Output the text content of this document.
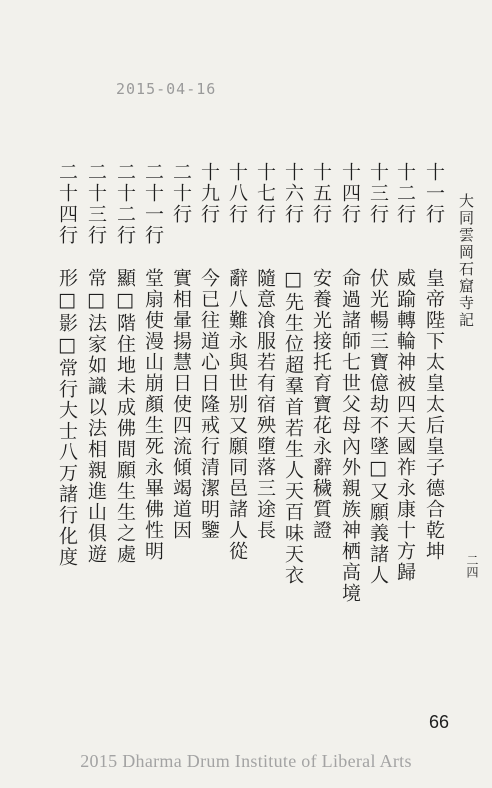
2015-04-16
大同雲岡石窟寺記
二四
十一行
皇帝陛下太皇太后皇子德合乾坤
十二行
威踰轉輪神被四天國祚永康十方歸
十三行
伏光暢三寶億劫不墜□又願義諸人
十四行
命過諸師七世父母內外親族神栖高境
十五行
安養光接托育寶花永辭穢質證
十六行
□先生位超羣首若生人天百味天衣
十七行
隨意飡服若有宿殃墮落三途長
十八行
辭八難永與世别又願同邑諸人從
十九行
今已往道心日隆戒行清潔明鑒
二十行
實相暈揚慧日使四流傾竭道因
二十一行
堂扇使漫山崩顏生死永畢佛性明
二十二行
顯□階住地未成佛間願生生之處
二十三行
常□法家如識以法相親進山俱遊
二十四行
形□影□常行大士八万諸行化度
66
2015 Dharma Drum Institute of Liberal Arts
